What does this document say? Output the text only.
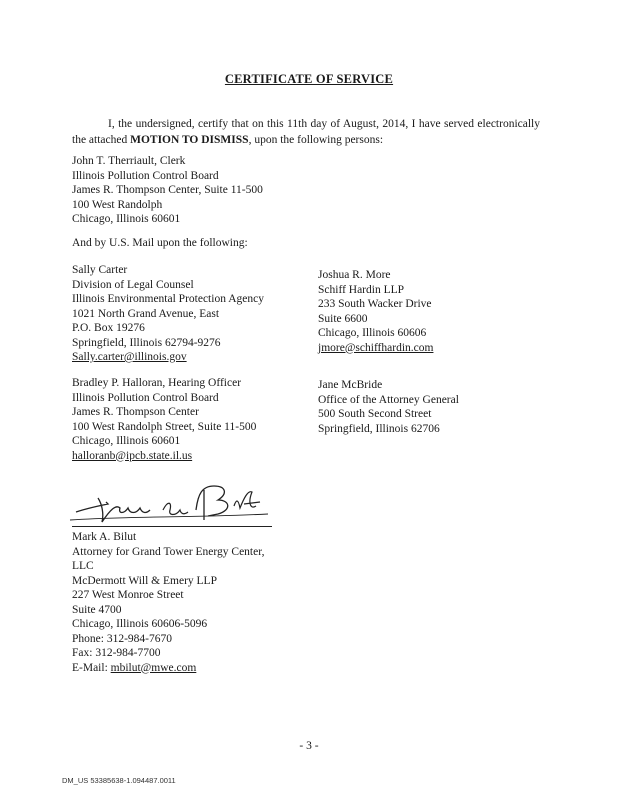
CERTIFICATE OF SERVICE
I, the undersigned, certify that on this 11th day of August, 2014, I have served electronically the attached MOTION TO DISMISS, upon the following persons:
John T. Therriault, Clerk
Illinois Pollution Control Board
James R. Thompson Center, Suite 11-500
100 West Randolph
Chicago, Illinois 60601
And by U.S. Mail upon the following:
Sally Carter
Division of Legal Counsel
Illinois Environmental Protection Agency
1021 North Grand Avenue, East
P.O. Box 19276
Springfield, Illinois 62794-9276
Sally.carter@illinois.gov
Joshua R. More
Schiff Hardin LLP
233 South Wacker Drive
Suite 6600
Chicago, Illinois 60606
jmore@schiffhardin.com
Bradley P. Halloran, Hearing Officer
Illinois Pollution Control Board
James R. Thompson Center
100 West Randolph Street, Suite 11-500
Chicago, Illinois 60601
halloranb@ipcb.state.il.us
Jane McBride
Office of the Attorney General
500 South Second Street
Springfield, Illinois 62706
Mark A. Bilut
Attorney for Grand Tower Energy Center,
LLC
McDermott Will & Emery LLP
227 West Monroe Street
Suite 4700
Chicago, Illinois 60606-5096
Phone: 312-984-7670
Fax: 312-984-7700
E-Mail: mbilut@mwe.com
- 3 -
DM_US 53385638-1.094487.0011
